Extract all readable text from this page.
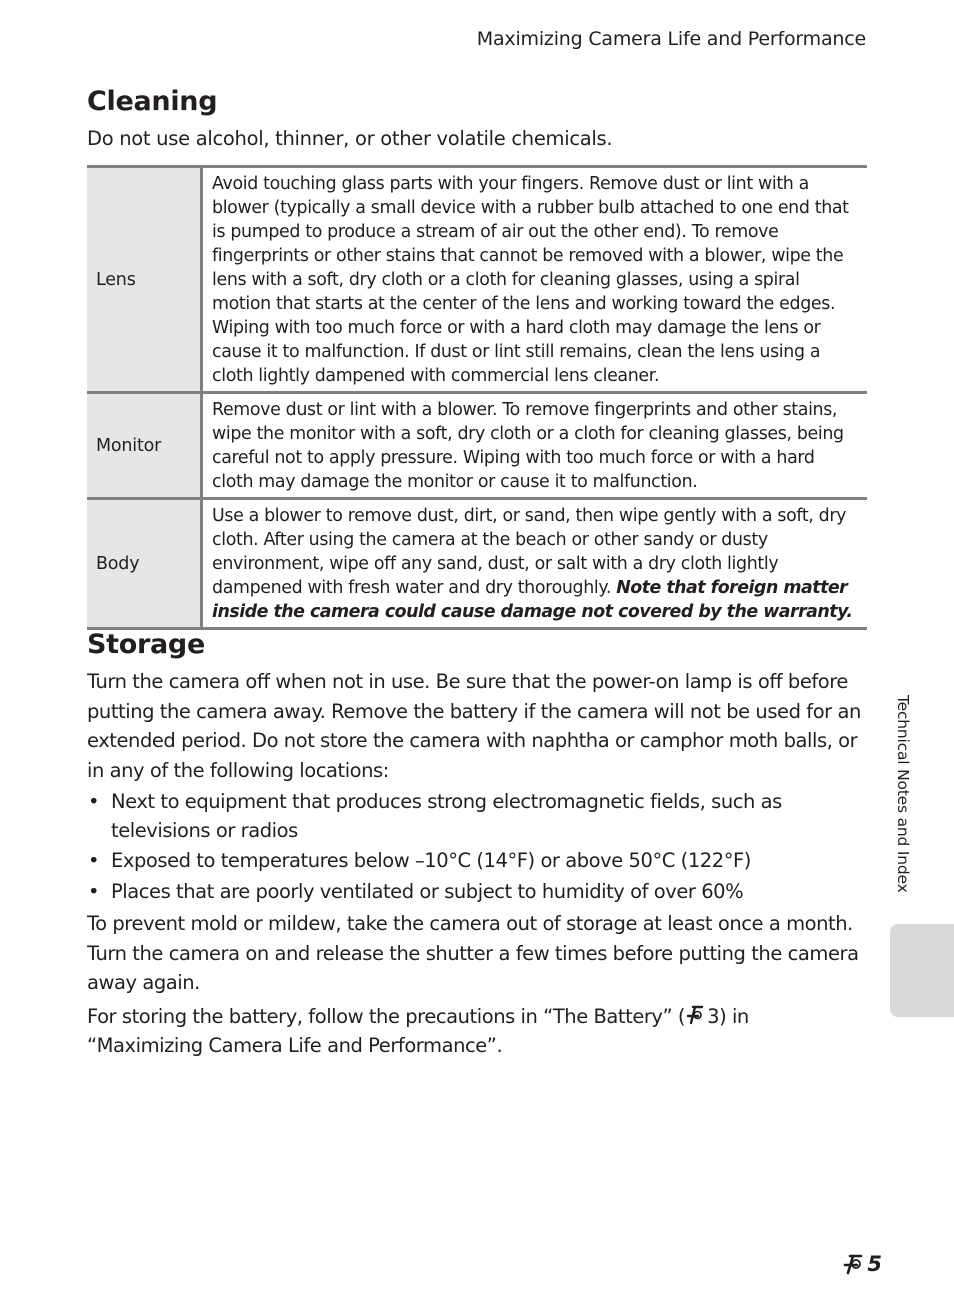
Maximizing Camera Life and Performance
Cleaning
Do not use alcohol, thinner, or other volatile chemicals.
Lens	Avoid touching glass parts with your fingers. Remove dust or lint with a blower (typically a small device with a rubber bulb attached to one end that is pumped to produce a stream of air out the other end). To remove fingerprints or other stains that cannot be removed with a blower, wipe the lens with a soft, dry cloth or a cloth for cleaning glasses, using a spiral motion that starts at the center of the lens and working toward the edges. Wiping with too much force or with a hard cloth may damage the lens or cause it to malfunction. If dust or lint still remains, clean the lens using a cloth lightly dampened with commercial lens cleaner.
Monitor	Remove dust or lint with a blower. To remove fingerprints and other stains, wipe the monitor with a soft, dry cloth or a cloth for cleaning glasses, being careful not to apply pressure. Wiping with too much force or with a hard cloth may damage the monitor or cause it to malfunction.
Body	Use a blower to remove dust, dirt, or sand, then wipe gently with a soft, dry cloth. After using the camera at the beach or other sandy or dusty environment, wipe off any sand, dust, or salt with a dry cloth lightly dampened with fresh water and dry thoroughly. Note that foreign matter inside the camera could cause damage not covered by the warranty.
Storage

Turn the camera off when not in use. Be sure that the power-on lamp is off before putting the camera away. Remove the battery if the camera will not be used for an extended period. Do not store the camera with naphtha or camphor moth balls, or in any of the following locations:

• Next to equipment that produces strong electromagnetic fields, such as televisions or radios
• Exposed to temperatures below –10°C (14°F) or above 50°C (122°F)
• Places that are poorly ventilated or subject to humidity of over 60%

To prevent mold or mildew, take the camera out of storage at least once a month. Turn the camera on and release the shutter a few times before putting the camera away again.

For storing the battery, follow the precautions in “The Battery” ( 3) in “Maximizing Camera Life and Performance”.

Technical Notes and Index
5
